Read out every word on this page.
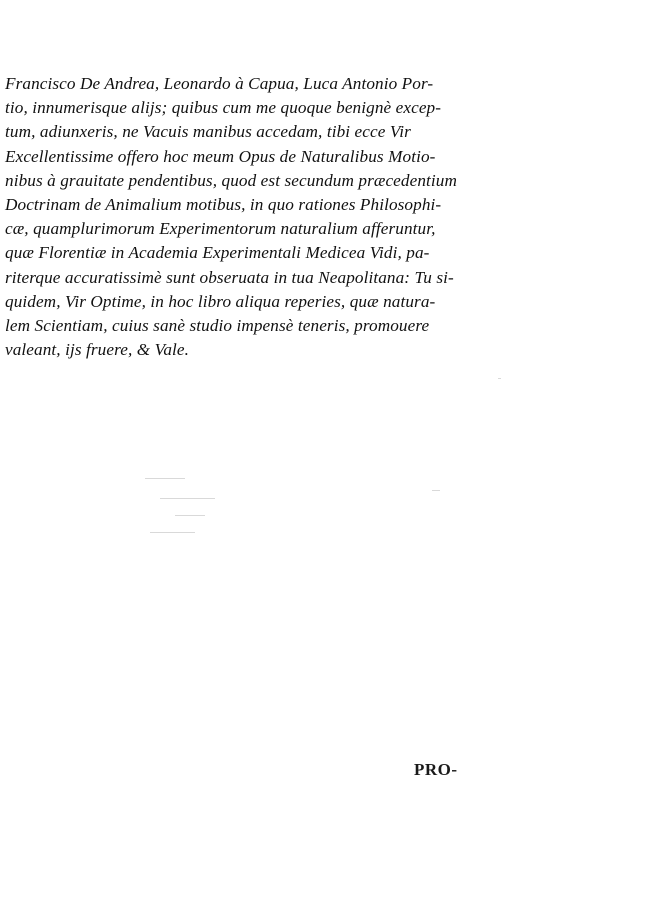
Francisco De Andrea, Leonardo à Capua, Luca Antonio Por-
tio, innumerisque alijs; quibus cum me quoque benignè excep-
tum, adiunxeris, ne Vacuis manibus accedam, tibi ecce Vir
Excellentissime offero hoc meum Opus de Naturalibus Motio-
nibus à grauitate pendentibus, quod est secundum præcedentium
Doctrinam de Animalium motibus, in quo rationes Philosophi-
cæ, quamplurimorum Experimentorum naturalium afferuntur,
quæ Florentiæ in Academia Experimentali Medicea Vidi, pa-
riterque accuratissimè sunt obseruata in tua Neapolitana: Tu si-
quidem, Vir Optime, in hoc libro aliqua reperies, quæ natura-
lem Scientiam, cuius sanè studio impensè teneris, promouere
valeant, ijs fruere, & Vale.
PRO-
